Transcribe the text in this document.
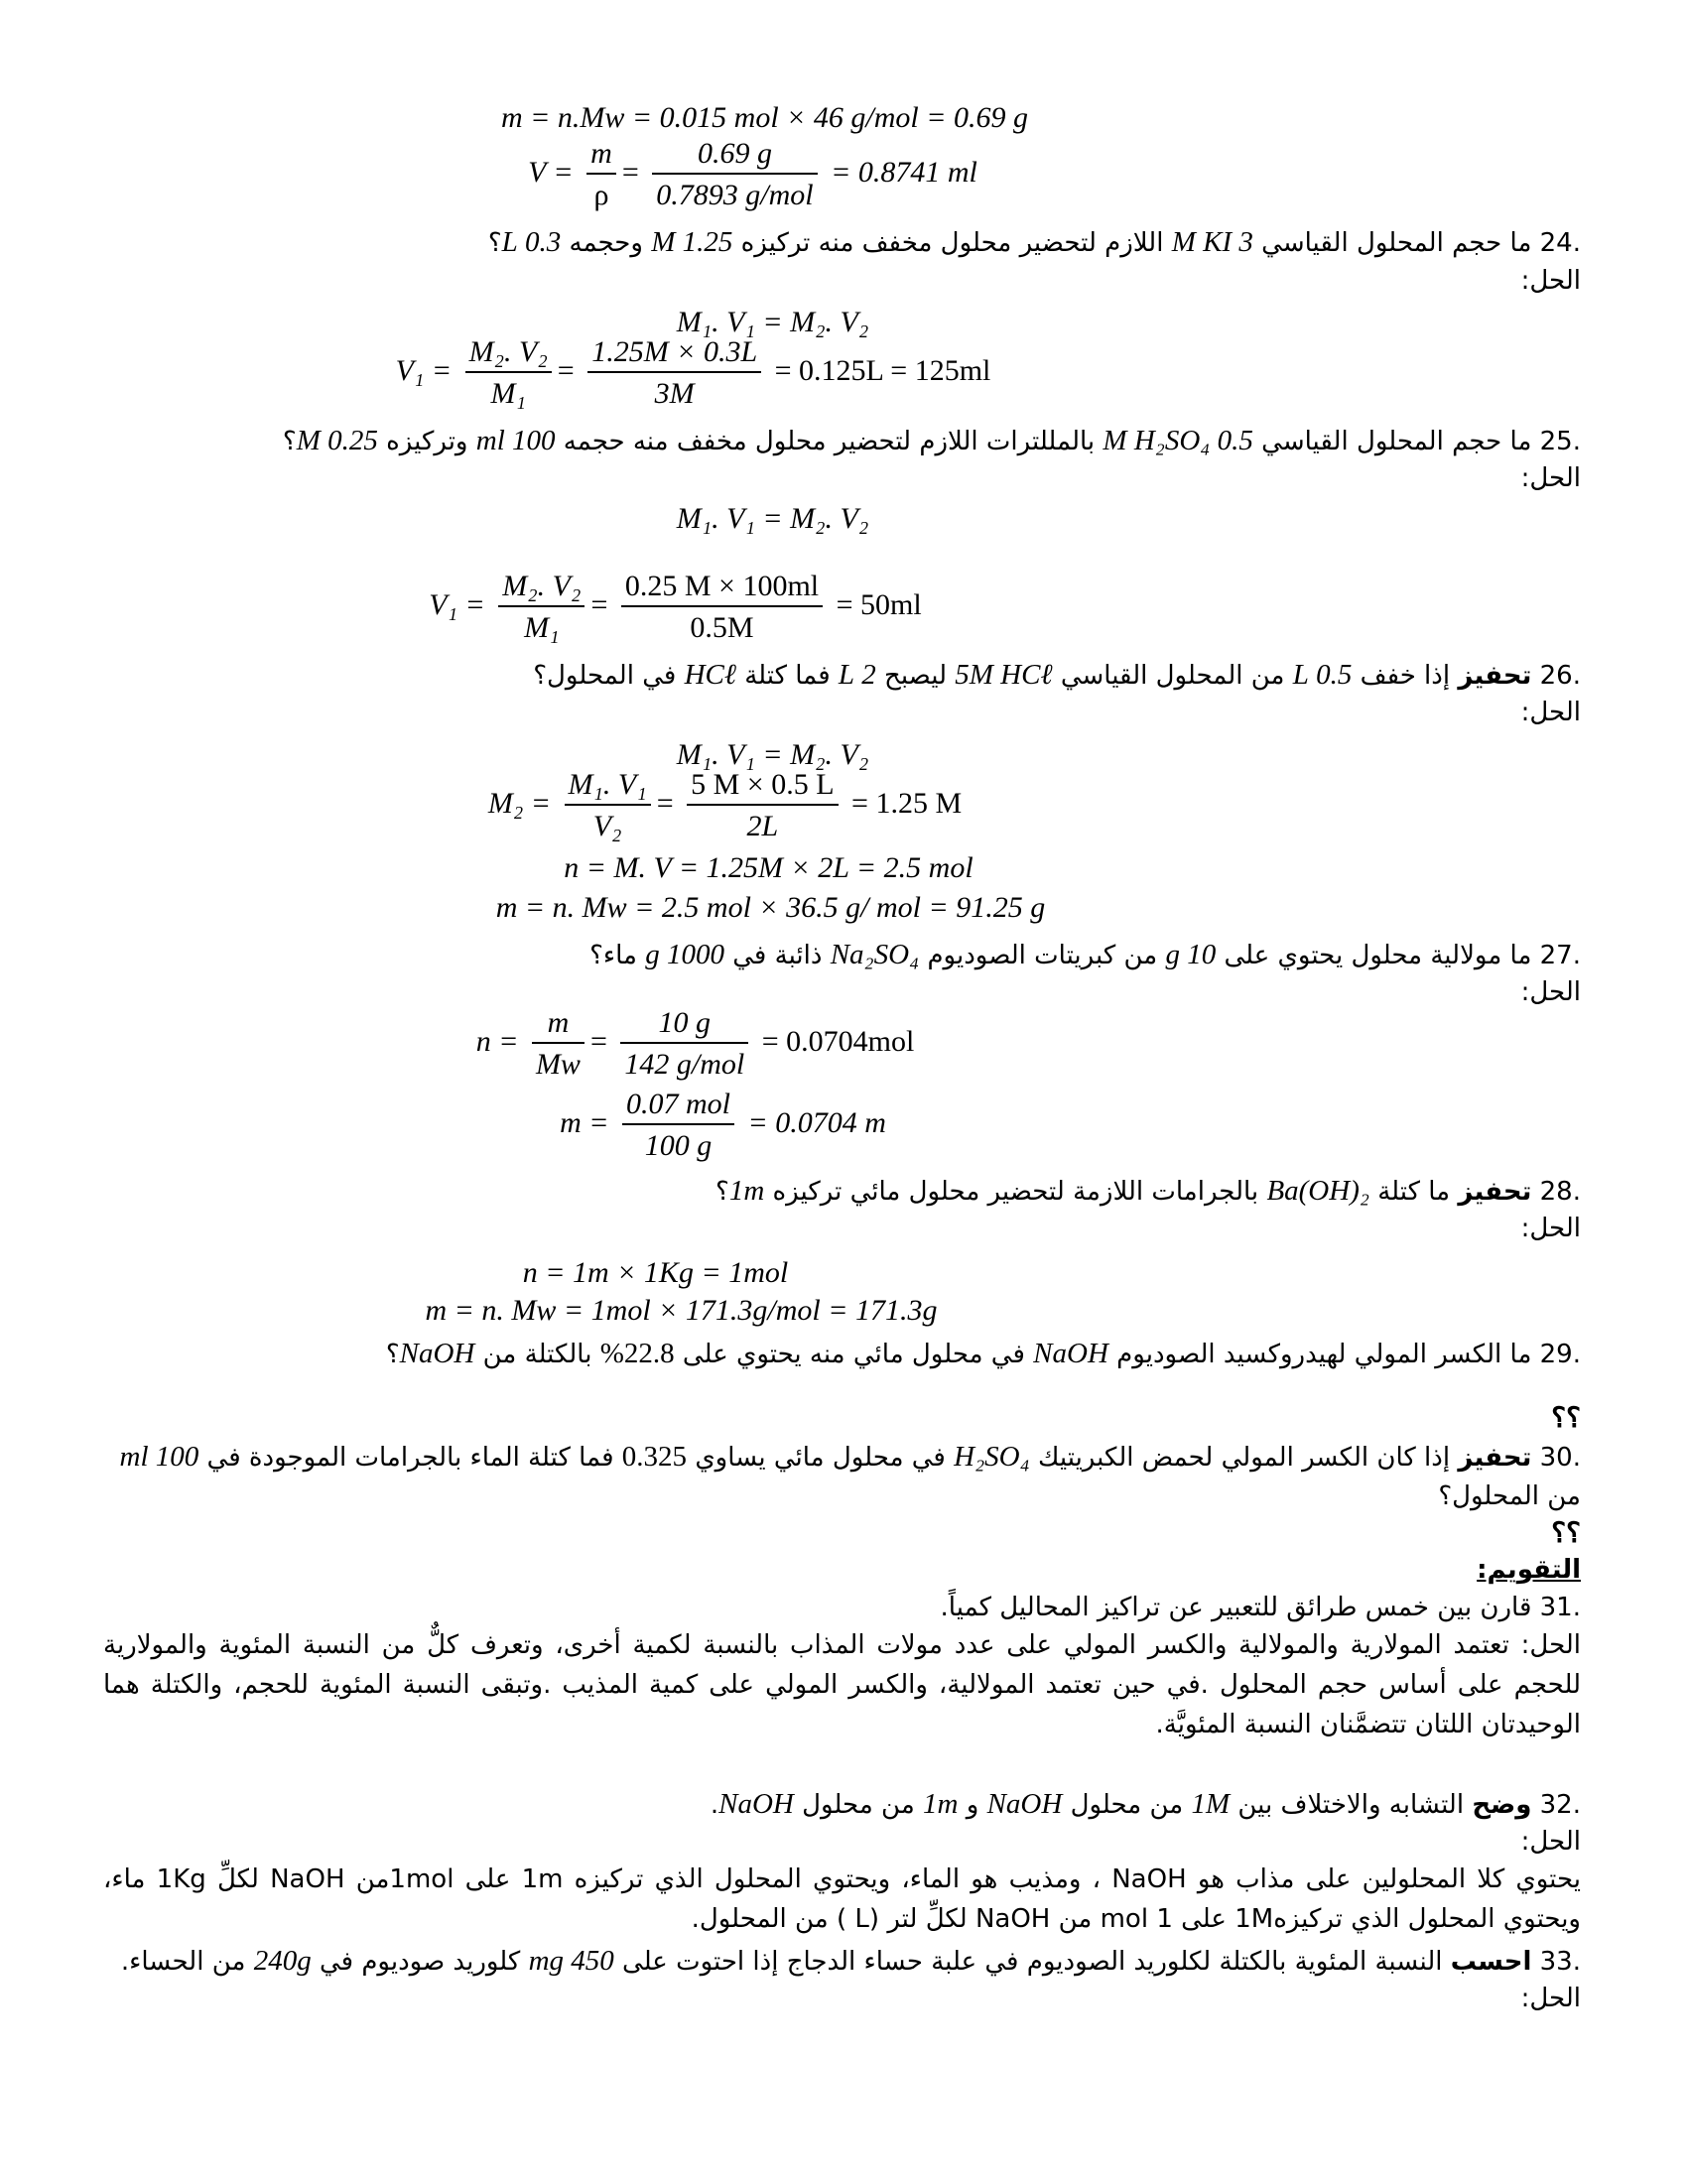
m = n.Mw = 0.015 mol × 46 g/mol = 0.69 g
$V = \frac{m}{\rho} = \frac{0.69 g}{\text{0.7893 g/mol}} = 0.8741$ ml
.24 ما حجم المحلول القياسي 3 M KI اللازم لتحضير محلول مخفف منه تركيزه 1.25 M وحجمه 0.3 L؟
الحل:
M₁. V₁ = M₂. V₂
$V_1 = \frac{\text{M₂. V₂}}{\text{M₁}} = \frac{1.25M \times 0.3L}{3M} = 0.125L = 125ml$
.25 ما حجم المحلول القياسي 0.5 M H₂SO₄ بالمللترات اللازم لتحضير محلول مخفف منه حجمه 100 ml وتركيزه 0.25 M؟
الحل:
M₁. V₁ = M₂. V₂
$V_1 = \frac{\text{M₂. V₂}}{\text{M₁}} = \frac{0.25 M \times 100ml}{0.5M} = 50ml$
.26 تحفيز إذا خفف 0.5 L من المحلول القياسي 5M HCℓ ليصبح 2 L فما كتلة HCℓ في المحلول؟
الحل:
M₁. V₁ = M₂. V₂
$M_2 = \frac{\text{M₁. V₁}}{\text{V₂}} = \frac{5 M \times 0.5 L}{2L} = 1.25$ M
n = M. V = 1.25M × 2L = 2.5 mol
m = n. Mw = 2.5 mol × 36.5 g/ mol = 91.25 g
.27 ما مولالية محلول يحتوي على 10 g من كبريتات الصوديوم Na₂SO₄ ذائبة في 1000 g ماء؟
الحل:
$n = \frac{m}{Mw} = \frac{10 g}{\text{142 g/mol}} = 0.0704mol$
$m = \frac{\text{0.07 mol}}{100 g} = 0.0704$ m
.28 تحفيز ما كتلة Ba(OH)₂ بالجرامات اللازمة لتحضير محلول مائي تركيزه 1m؟
الحل:
n = 1m × 1Kg = 1mol
m = n. Mw = 1mol × 171.3g/mol = 171.3g
.29 ما الكسر المولي لهيدروكسيد الصوديوم NaOH في محلول مائي منه يحتوي على 22.8% بالكتلة من NaOH؟
؟؟
.30 تحفيز إذا كان الكسر المولي لحمض الكبريتيك H₂SO₄ في محلول مائي يساوي 0.325 فما كتلة الماء بالجرامات الموجودة في 100 ml
من المحلول؟
؟؟
التقويم:
.31 قارن بين خمس طرائق للتعبير عن تراكيز المحاليل كمياً.
الحل: تعتمد المولارية والمولالية والكسر المولي على عدد مولات المذاب بالنسبة لكمية أخرى، وتعرف كلٌّ من النسبة المئوية والمولارية للحجم على أساس حجم المحلول .في حين تعتمد المولالية، والكسر المولي على كمية المذيب .وتبقى النسبة المئوية للحجم، والكتلة هما الوحيدتان اللتان تتضمَّنان النسبة المئويَّة.
.32 وضح التشابه والاختلاف بين 1M من محلول NaOH و 1m من محلول NaOH.
الحل:
يحتوي كلا المحلولين على مذاب هو NaOH ، ومذيب هو الماء، ويحتوي المحلول الذي تركيزه 1m على 1molمن NaOH لكلِّ 1Kg ماء، ويحتوي المحلول الذي تركيزه1M على 1 mol من NaOH لكلِّ لتر (L ) من المحلول.
.33 احسب النسبة المئوية بالكتلة لكلوريد الصوديوم في علبة حساء الدجاج إذا احتوت على 450 mg كلوريد صوديوم في 240g من الحساء.
الحل:
